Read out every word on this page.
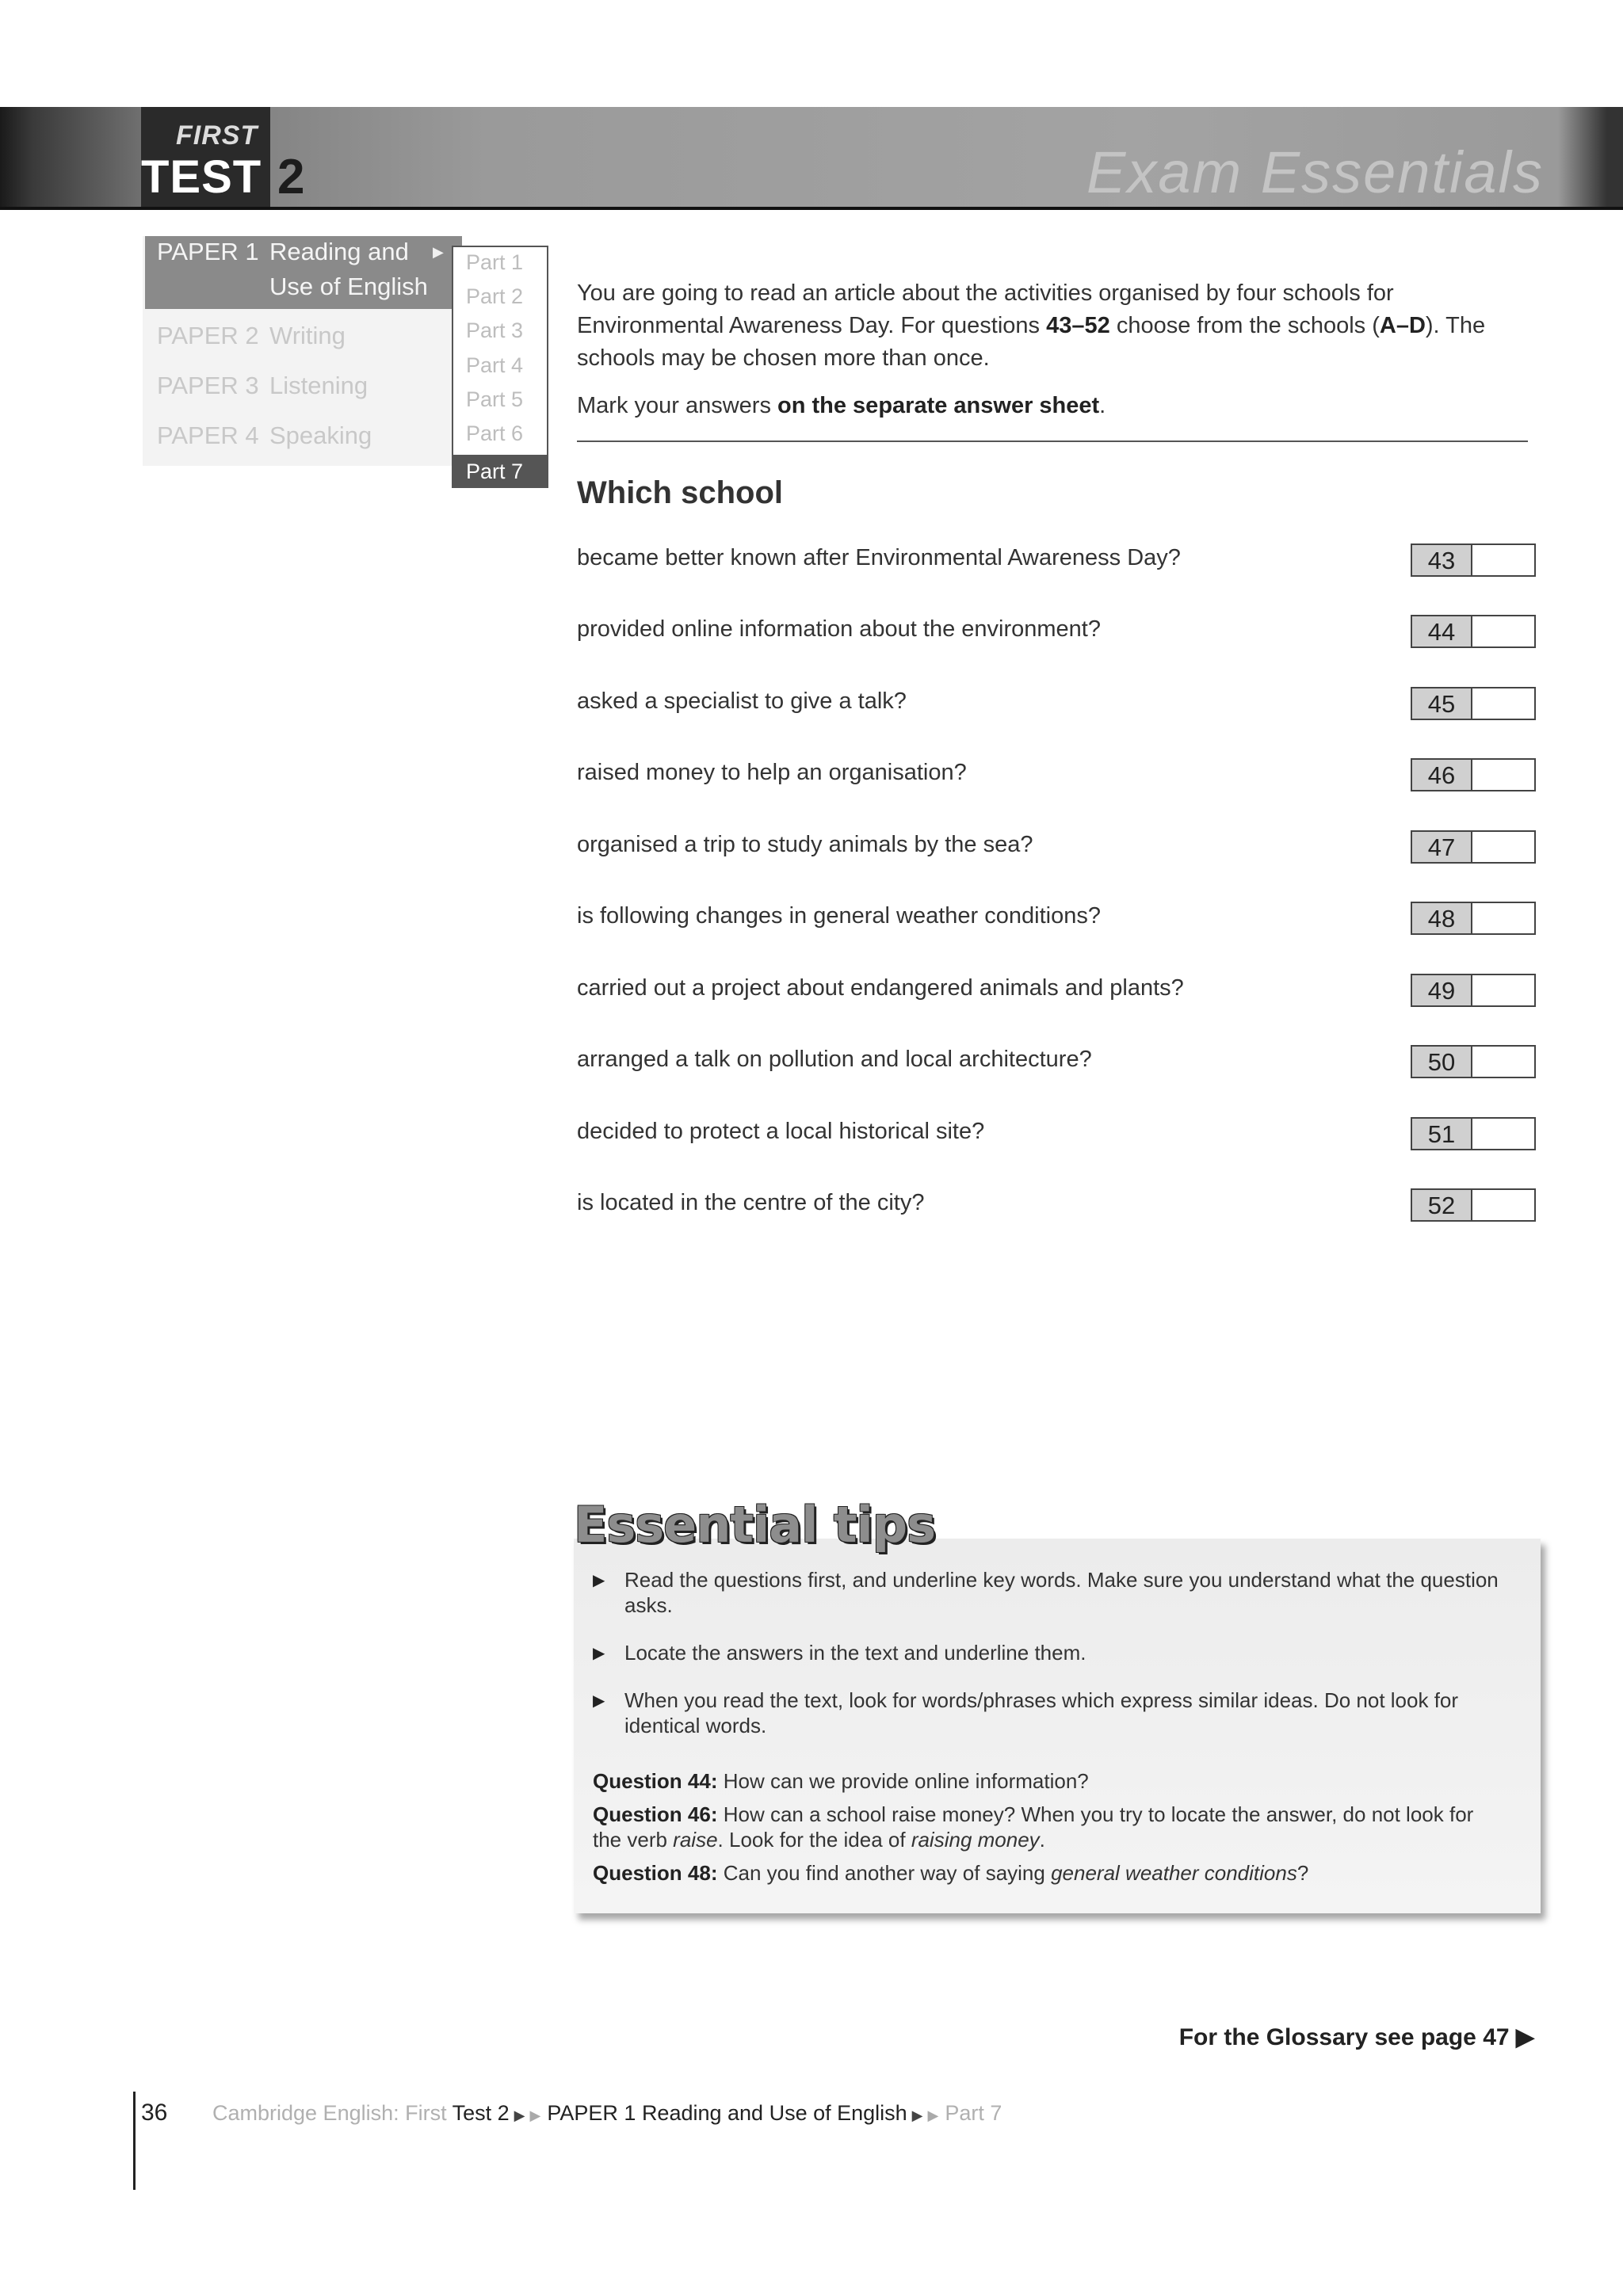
FIRST
TEST 2	Exam Essentials
PAPER 1 Reading and
Use of English
▶
PAPER 2 Writing
PAPER 3 Listening
PAPER 4 Speaking
Part 1
Part 2
Part 3
Part 4
Part 5
Part 6
Part 7
You are going to read an article about the activities organised by four schools for Environmental Awareness Day. For questions 43–52 choose from the schools (A–D). The schools may be chosen more than once.
Mark your answers on the separate answer sheet.
Which school
became better known after Environmental Awareness Day?	43
provided online information about the environment?	44
asked a specialist to give a talk?	45
raised money to help an organisation?	46
organised a trip to study animals by the sea?	47
is following changes in general weather conditions?	48
carried out a project about endangered animals and plants?	49
arranged a talk on pollution and local architecture?	50
decided to protect a local historical site?	51
is located in the centre of the city?	52
Essential tips
▶ Read the questions first, and underline key words. Make sure you understand what the question asks.
▶ Locate the answers in the text and underline them.
▶ When you read the text, look for words/phrases which express similar ideas. Do not look for identical words.
Question 44: How can we provide online information?
Question 46: How can a school raise money? When you try to locate the answer, do not look for the verb raise. Look for the idea of raising money.
Question 48: Can you find another way of saying general weather conditions?
For the Glossary see page 47 ▶
36 Cambridge English: First Test 2 ▶ ▶ PAPER 1 Reading and Use of English ▶ ▶ Part 7
